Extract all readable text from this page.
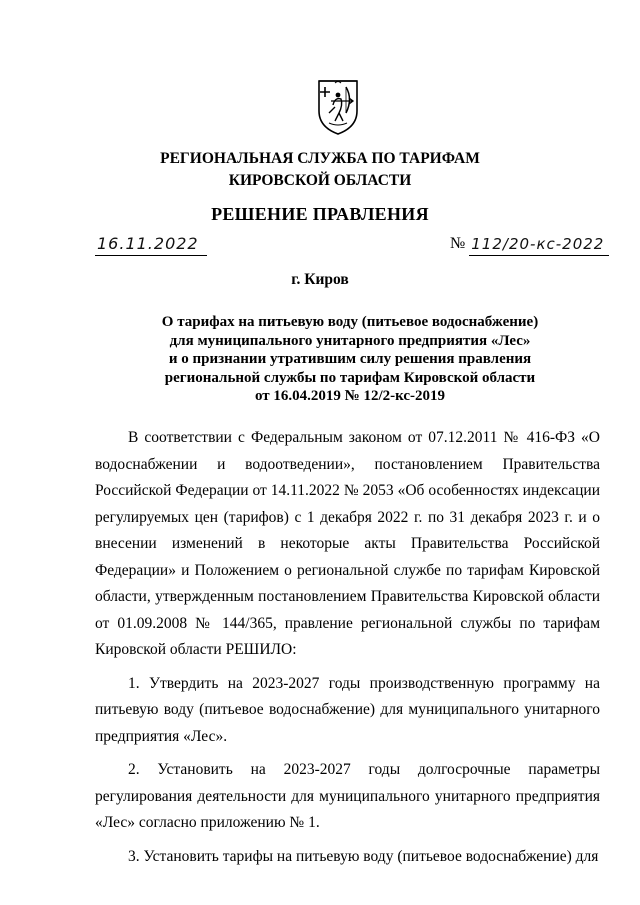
РЕГИОНАЛЬНАЯ СЛУЖБА ПО ТАРИФАМ
КИРОВСКОЙ ОБЛАСТИ
РЕШЕНИЕ ПРАВЛЕНИЯ
16.11.2022	№ 112/20-кс-2022
г. Киров
О тарифах на питьевую воду (питьевое водоснабжение)
для муниципального унитарного предприятия «Лес»
и о признании утратившим силу решения правления
региональной службы по тарифам Кировской области
от 16.04.2019 № 12/2-кс-2019

В соответствии с Федеральным законом от 07.12.2011 № 416-ФЗ «О водоснабжении и водоотведении», постановлением Правительства Российской Федерации от 14.11.2022 № 2053 «Об особенностях индексации регулируемых цен (тарифов) с 1 декабря 2022 г. по 31 декабря 2023 г. и о внесении изменений в некоторые акты Правительства Российской Федерации» и Положением о региональной службе по тарифам Кировской области, утвержденным постановлением Правительства Кировской области от 01.09.2008 № 144/365, правление региональной службы по тарифам Кировской области РЕШИЛО:

1. Утвердить на 2023-2027 годы производственную программу на питьевую воду (питьевое водоснабжение) для муниципального унитарного предприятия «Лес».

2. Установить на 2023-2027 годы долгосрочные параметры регулирования деятельности для муниципального унитарного предприятия «Лес» согласно приложению № 1.

3. Установить тарифы на питьевую воду (питьевое водоснабжение) для
